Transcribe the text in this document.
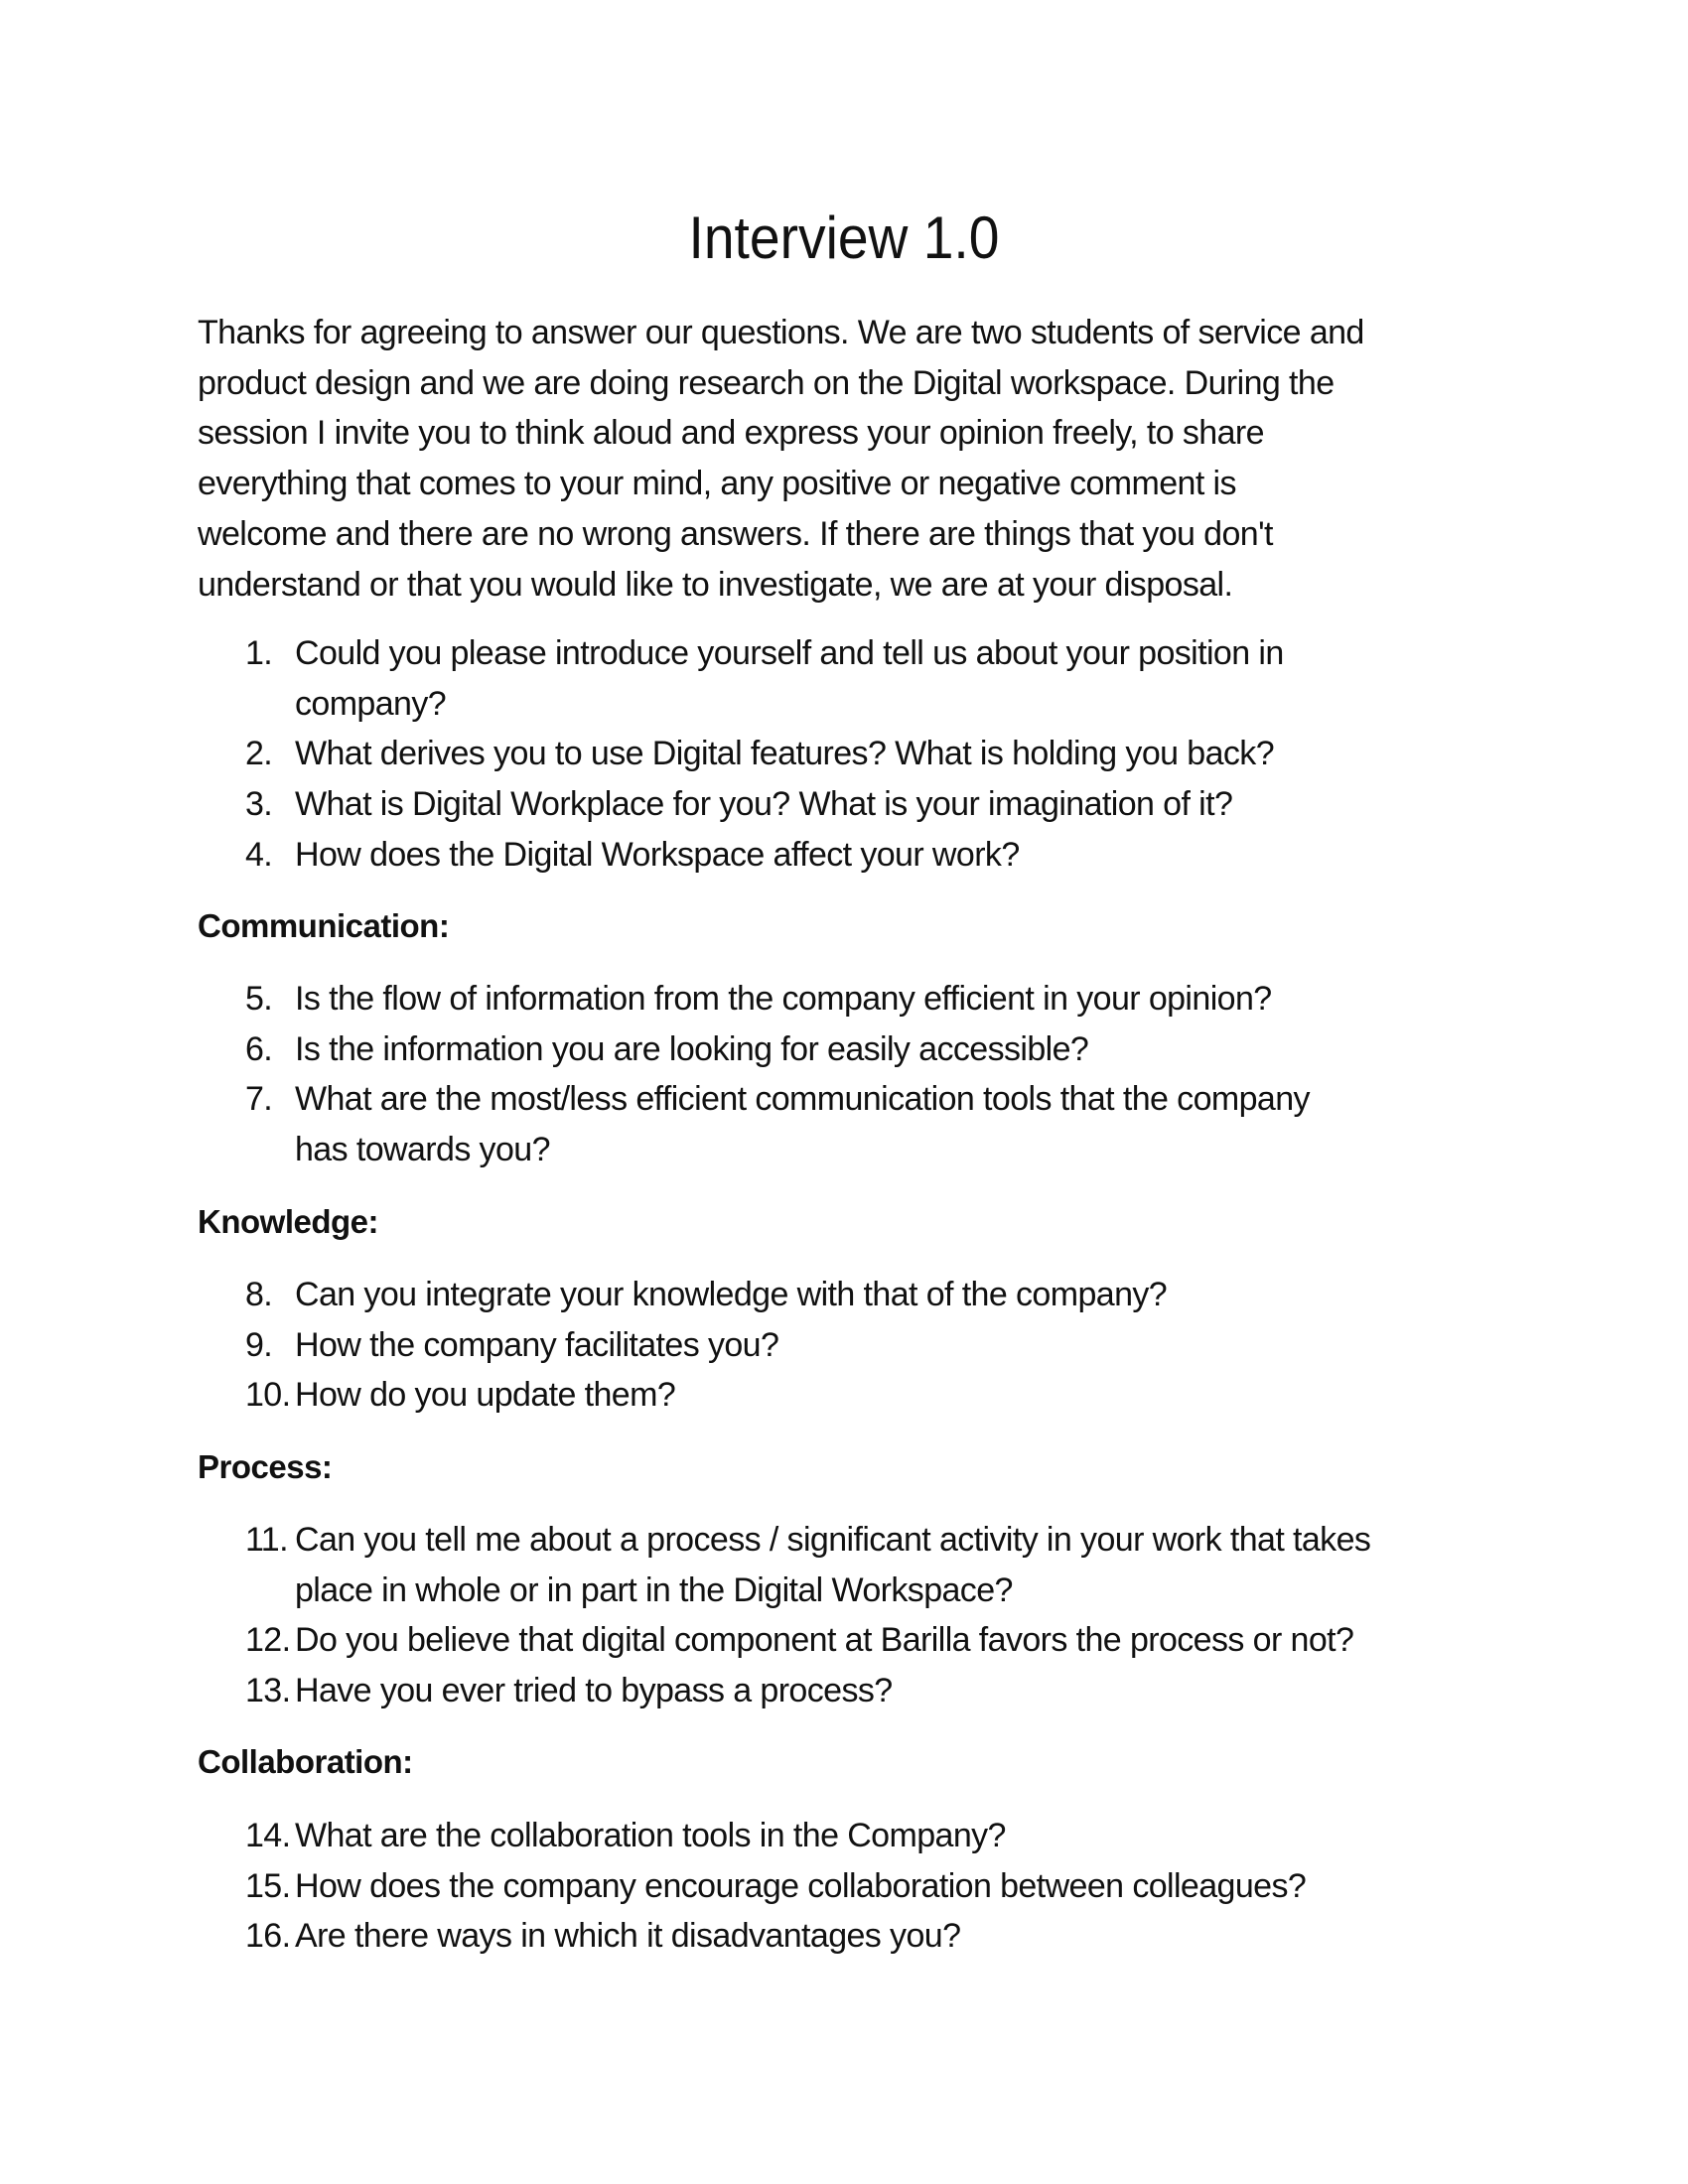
Interview 1.0
Thanks for agreeing to answer our questions. We are two students of service and
product design and we are doing research on the Digital workspace. During the
session I invite you to think aloud and express your opinion freely, to share
everything that comes to your mind, any positive or negative comment is
welcome and there are no wrong answers. If there are things that you don't
understand or that you would like to investigate, we are at your disposal.
1. Could you please introduce yourself and tell us about your position in
company?
2. What derives you to use Digital features? What is holding you back?
3. What is Digital Workplace for you? What is your imagination of it?
4. How does the Digital Workspace affect your work?
Communication:
5. Is the flow of information from the company efficient in your opinion?
6. Is the information you are looking for easily accessible?
7. What are the most/less efficient communication tools that the company
has towards you?
Knowledge:
8. Can you integrate your knowledge with that of the company?
9. How the company facilitates you?
10. How do you update them?
Process:
11. Can you tell me about a process / significant activity in your work that takes
place in whole or in part in the Digital Workspace?
12. Do you believe that digital component at Barilla favors the process or not?
13. Have you ever tried to bypass a process?
Collaboration:
14. What are the collaboration tools in the Company?
15. How does the company encourage collaboration between colleagues?
16. Are there ways in which it disadvantages you?
